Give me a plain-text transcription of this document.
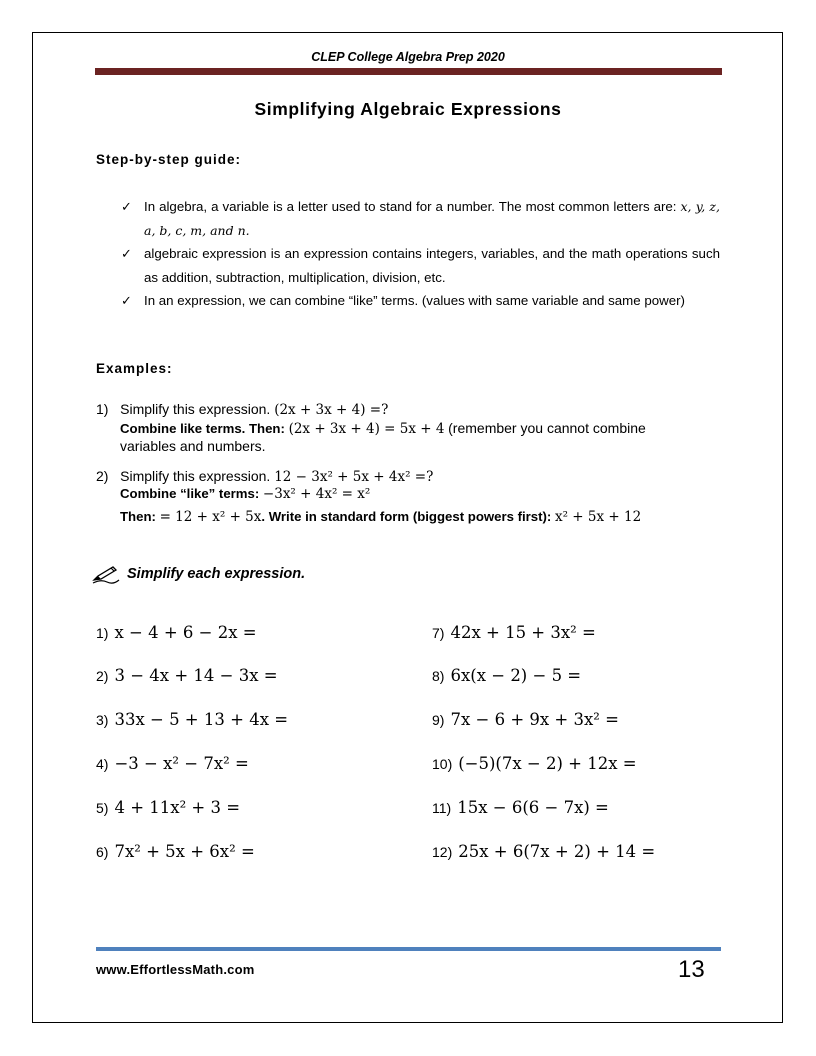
CLEP College Algebra Prep 2020
Simplifying Algebraic Expressions
Step-by-step guide:
✓ In algebra, a variable is a letter used to stand for a number. The most common letters are: x, y, z, a, b, c, m, and n.
✓ algebraic expression is an expression contains integers, variables, and the math operations such as addition, subtraction, multiplication, division, etc.
✓ In an expression, we can combine “like” terms. (values with same variable and same power)
Examples:
1) Simplify this expression. (2x + 3x + 4) =?
Combine like terms. Then: (2x + 3x + 4) = 5x + 4 (remember you cannot combine
variables and numbers.
2) Simplify this expression. 12 − 3x² + 5x + 4x² =?
Combine “like” terms: −3x² + 4x² = x²
Then: = 12 + x² + 5x. Write in standard form (biggest powers first): x² + 5x + 12
Simplify each expression.
1) x − 4 + 6 − 2x =
2) 3 − 4x + 14 − 3x =
3) 33x − 5 + 13 + 4x =
4) −3 − x² − 7x² =
5) 4 + 11x² + 3 =
6) 7x² + 5x + 6x² =
7) 42x + 15 + 3x² =
8) 6x(x − 2) − 5 =
9) 7x − 6 + 9x + 3x² =
10) (−5)(7x − 2) + 12x =
11) 15x − 6(6 − 7x) =
12) 25x + 6(7x + 2) + 14 =
www.EffortlessMath.com	13
